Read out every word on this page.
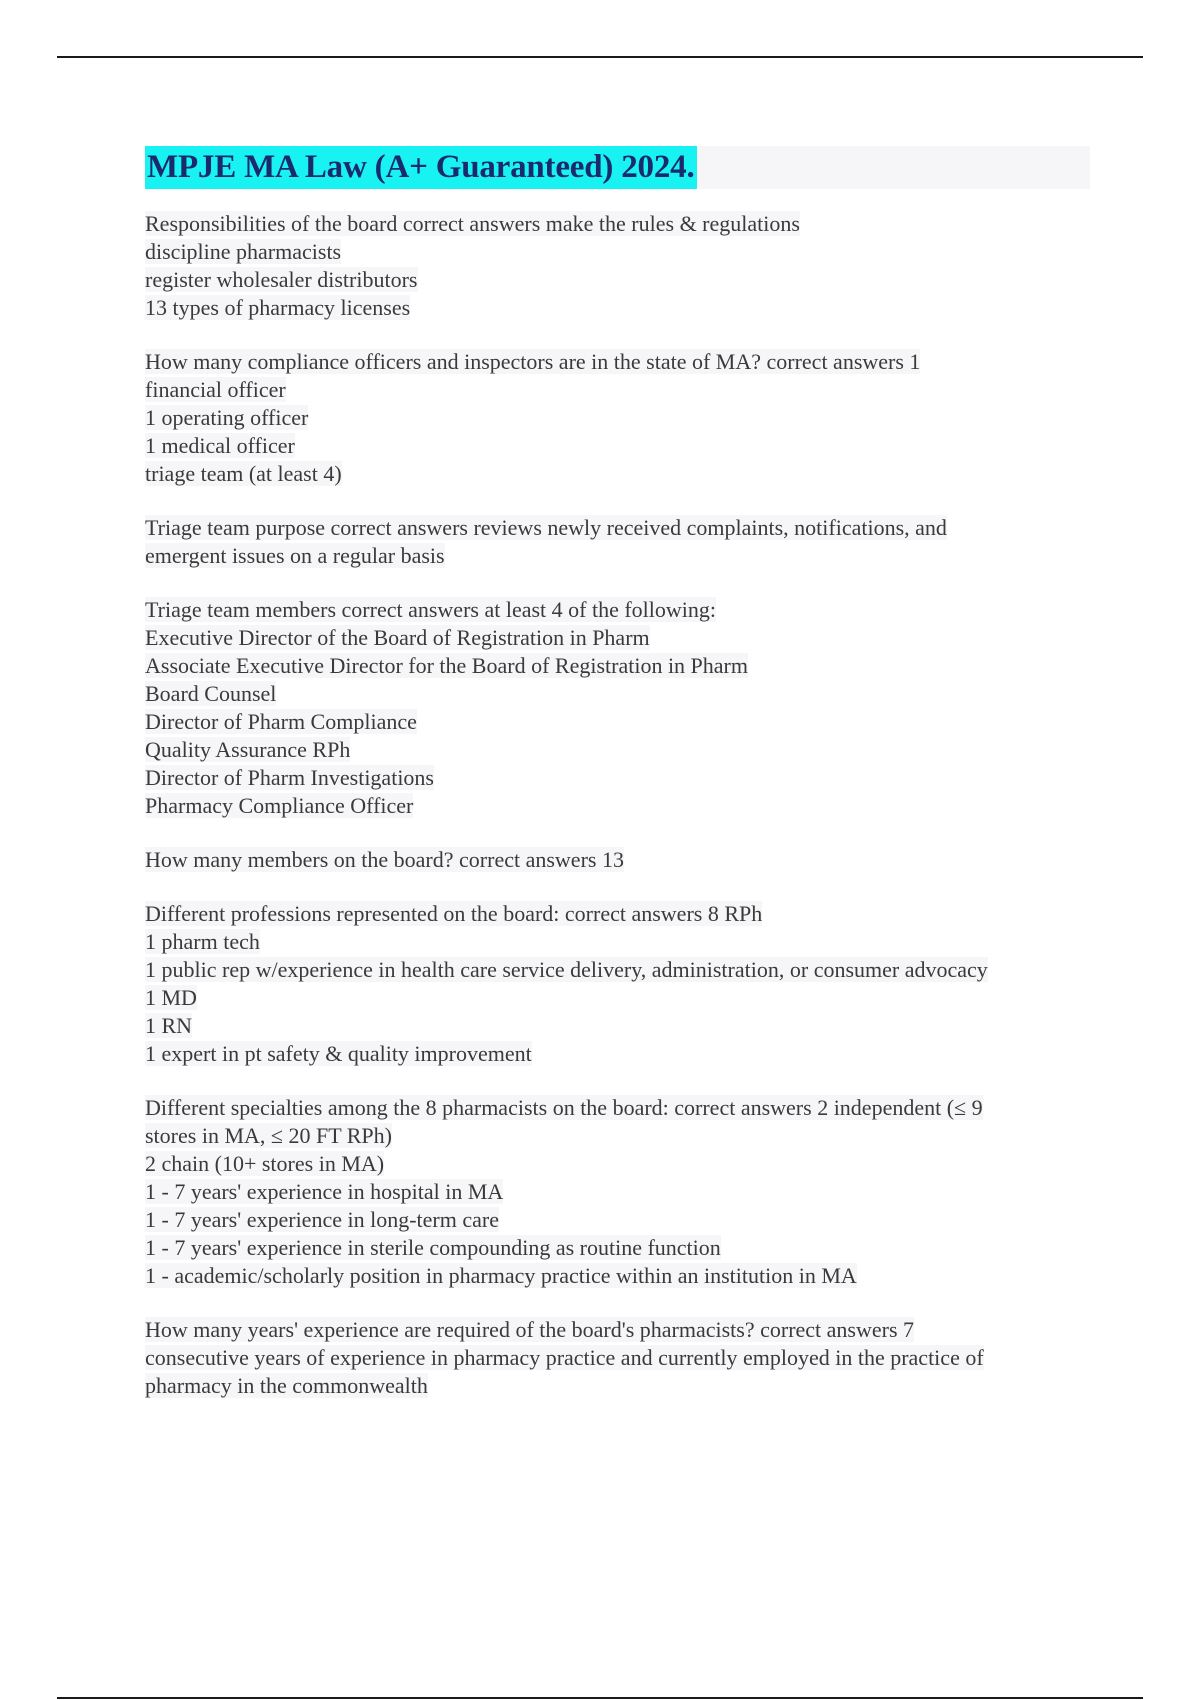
MPJE MA Law (A+ Guaranteed) 2024.
Responsibilities of the board correct answers make the rules & regulations
discipline pharmacists
register wholesaler distributors
13 types of pharmacy licenses
How many compliance officers and inspectors are in the state of MA? correct answers 1
financial officer
1 operating officer
1 medical officer
triage team (at least 4)
Triage team purpose correct answers reviews newly received complaints, notifications, and
emergent issues on a regular basis
Triage team members correct answers at least 4 of the following:
Executive Director of the Board of Registration in Pharm
Associate Executive Director for the Board of Registration in Pharm
Board Counsel
Director of Pharm Compliance
Quality Assurance RPh
Director of Pharm Investigations
Pharmacy Compliance Officer
How many members on the board? correct answers 13
Different professions represented on the board: correct answers 8 RPh
1 pharm tech
1 public rep w/experience in health care service delivery, administration, or consumer advocacy
1 MD
1 RN
1 expert in pt safety & quality improvement
Different specialties among the 8 pharmacists on the board: correct answers 2 independent (≤ 9
stores in MA, ≤ 20 FT RPh)
2 chain (10+ stores in MA)
1 - 7 years' experience in hospital in MA
1 - 7 years' experience in long-term care
1 - 7 years' experience in sterile compounding as routine function
1 - academic/scholarly position in pharmacy practice within an institution in MA
How many years' experience are required of the board's pharmacists? correct answers 7
consecutive years of experience in pharmacy practice and currently employed in the practice of
pharmacy in the commonwealth
